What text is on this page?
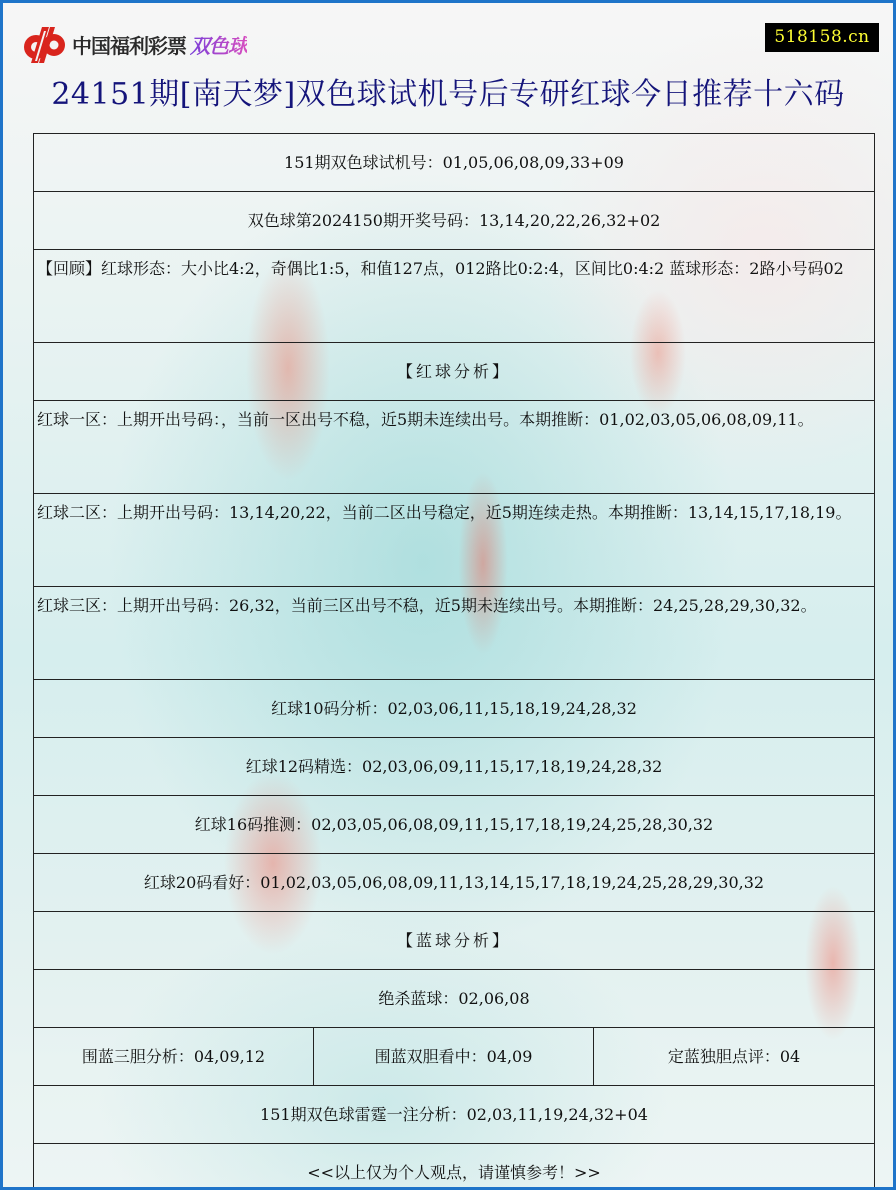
中国福利彩票 双色球	518158.cn
24151期[南天梦]双色球试机号后专研红球今日推荐十六码
151期双色球试机号：01,05,06,08,09,33+09
双色球第2024150期开奖号码：13,14,20,22,26,32+02
【回顾】红球形态：大小比4:2，奇偶比1:5，和值127点，012路比0:2:4，区间比0:4:2 蓝球形态：2路小号码02
【红球分析】
红球一区：上期开出号码：，当前一区出号不稳，近5期未连续出号。本期推断：01,02,03,05,06,08,09,11。
红球二区：上期开出号码：13,14,20,22，当前二区出号稳定，近5期连续走热。本期推断：13,14,15,17,18,19。
红球三区：上期开出号码：26,32，当前三区出号不稳，近5期未连续出号。本期推断：24,25,28,29,30,32。
红球10码分析：02,03,06,11,15,18,19,24,28,32
红球12码精选：02,03,06,09,11,15,17,18,19,24,28,32
红球16码推测：02,03,05,06,08,09,11,15,17,18,19,24,25,28,30,32
红球20码看好：01,02,03,05,06,08,09,11,13,14,15,17,18,19,24,25,28,29,30,32
【蓝球分析】
绝杀蓝球：02,06,08
围蓝三胆分析：04,09,12	围蓝双胆看中：04,09	定蓝独胆点评：04
151期双色球雷霆一注分析：02,03,11,19,24,32+04
<<以上仅为个人观点，请谨慎参考！>>
